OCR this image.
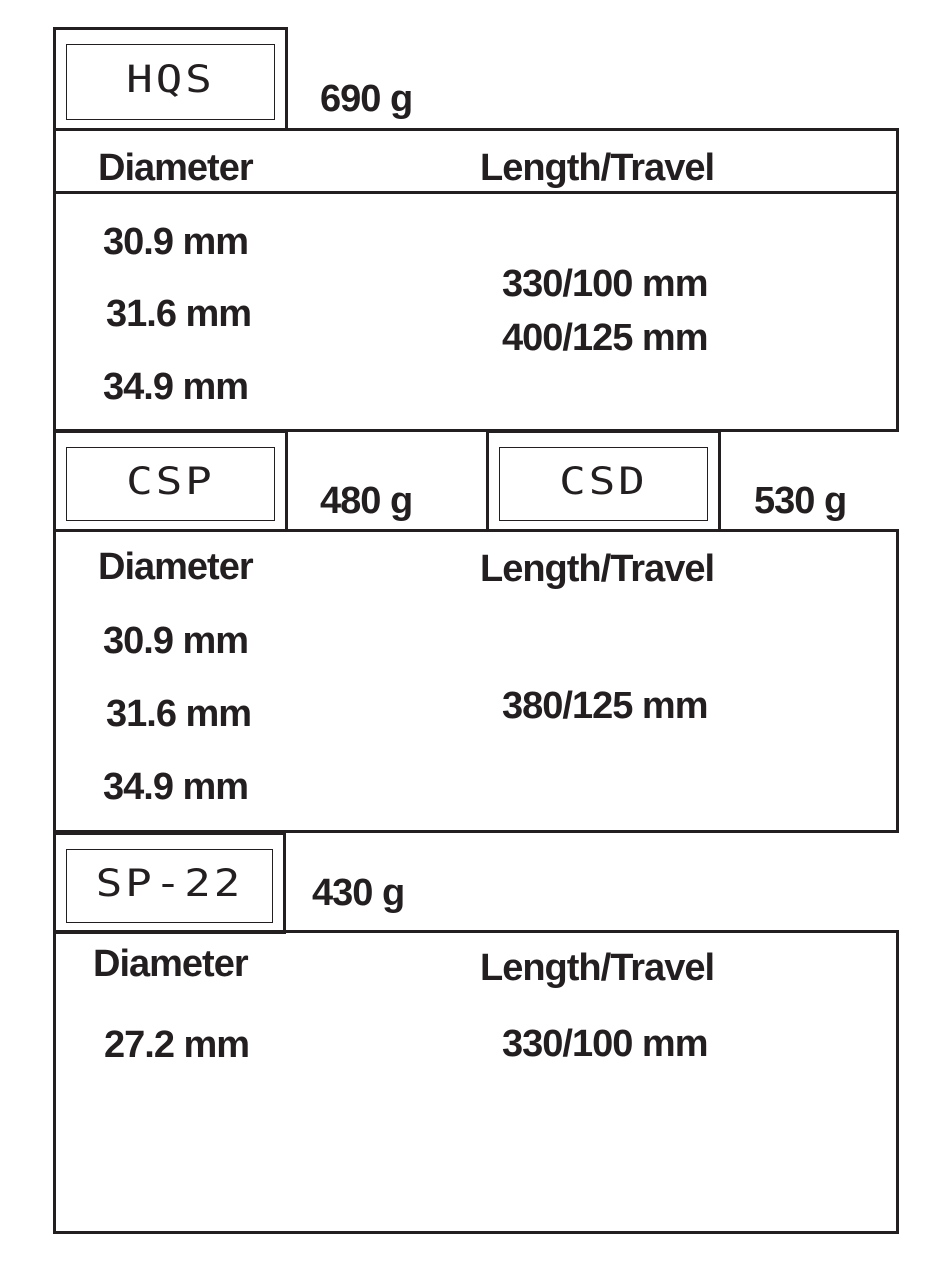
HQS	690 g
Diameter	Length/Travel
30.9 mm
31.6 mm
34.9 mm
330/100 mm
400/125 mm
CSP	480 g	CSD	530 g
Diameter	Length/Travel
30.9 mm
31.6 mm
34.9 mm
380/125 mm
SP-22	430 g
Diameter	Length/Travel
27.2 mm	330/100 mm
